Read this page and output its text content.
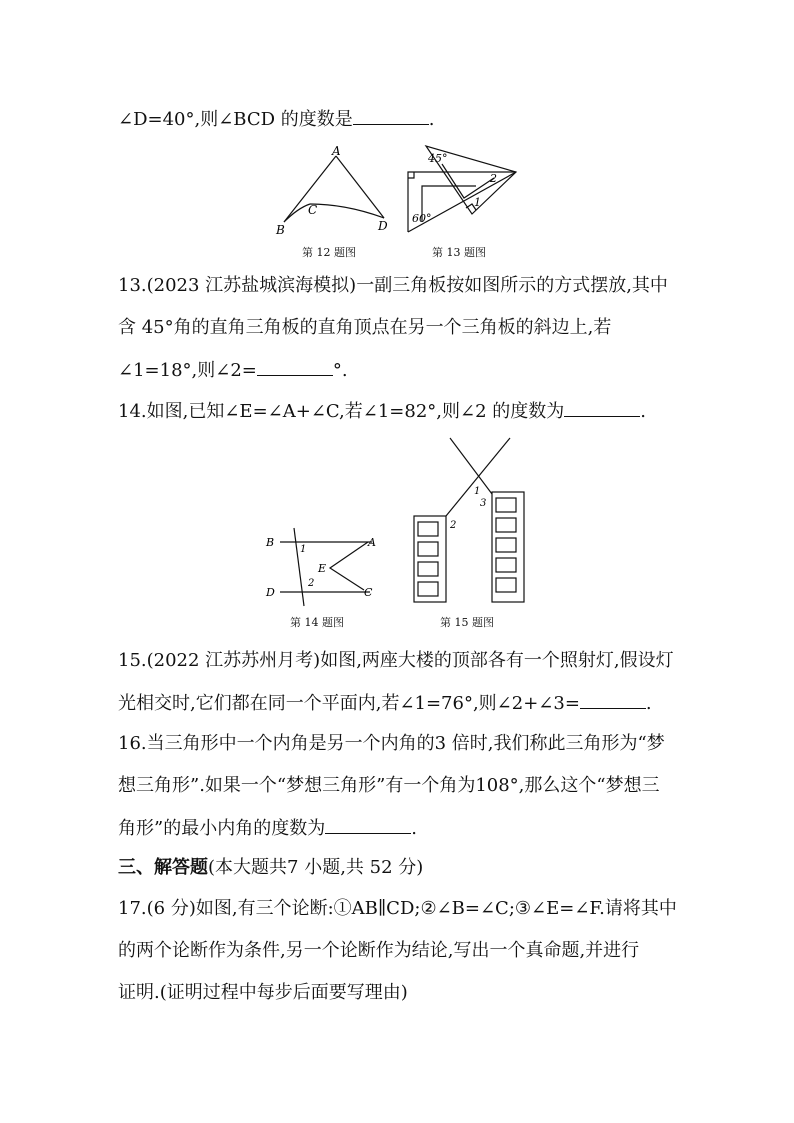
∠D=40°,则∠BCD 的度数是	.
A
B
C
D
第 12 题图
45°
60°
1
2
第 13 题图
13.(2023 江苏盐城滨海模拟)一副三角板按如图所示的方式摆放,其中
含 45°角的直角三角板的直角顶点在另一个三角板的斜边上,若
∠1=18°,则∠2=	°.
14.如图,已知∠E=∠A+∠C,若∠1=82°,则∠2 的度数为	.
B
D
A
C
E
1
2
第 14 题图
1
2
3
第 15 题图
15.(2022 江苏苏州月考)如图,两座大楼的顶部各有一个照射灯,假设灯
光相交时,它们都在同一个平面内,若∠1=76°,则∠2+∠3=	.
16.当三角形中一个内角是另一个内角的3 倍时,我们称此三角形为“梦
想三角形”.如果一个“梦想三角形”有一个角为108°,那么这个“梦想三
角形”的最小内角的度数为	.
三、解答题(本大题共7 小题,共 52 分)
17.(6 分)如图,有三个论断:①AB∥CD;②∠B=∠C;③∠E=∠F.请将其中
的两个论断作为条件,另一个论断作为结论,写出一个真命题,并进行
证明.(证明过程中每步后面要写理由)
